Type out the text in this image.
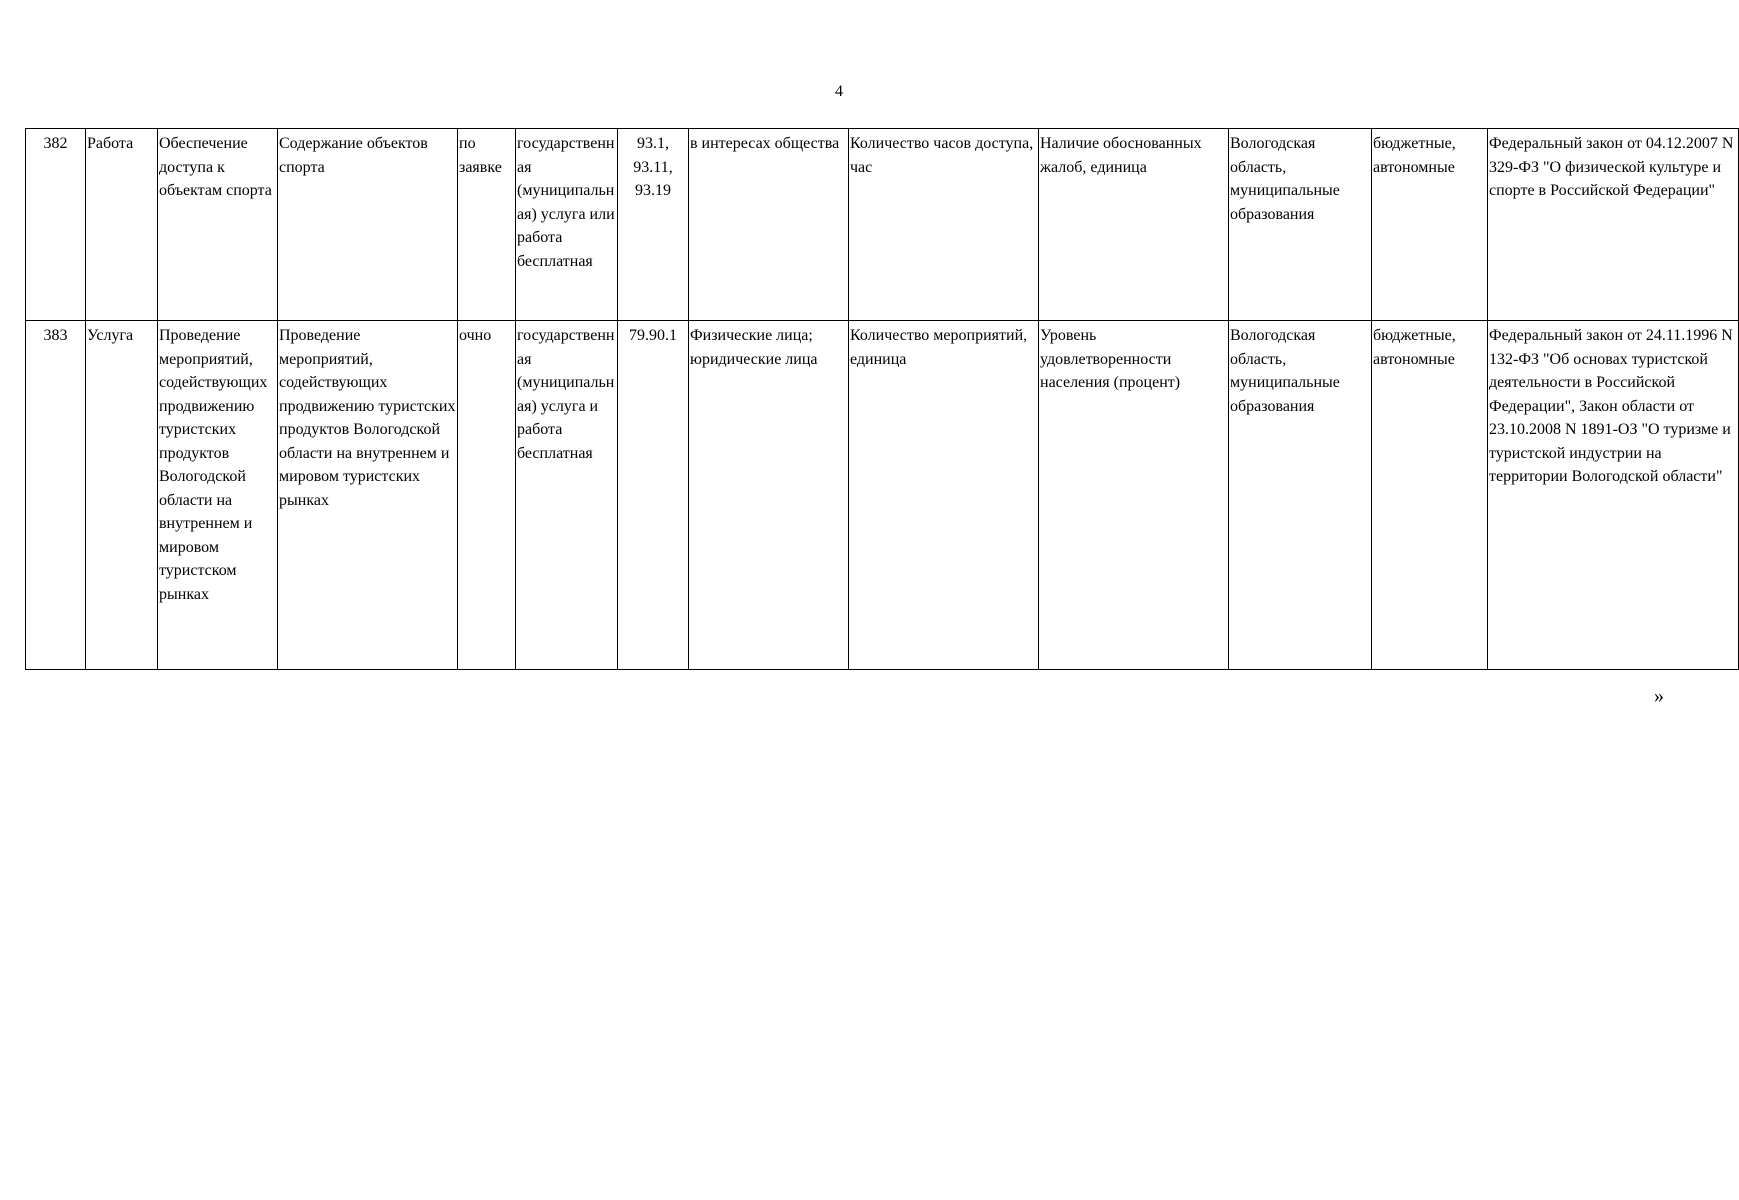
4
382	Работа	Обеспечение доступа к объектам спорта	Содержание объектов спорта	по заявке	государственная (муниципальная) услуга или работа бесплатная	93.1, 93.11, 93.19	в интересах общества	Количество часов доступа, час	Наличие обоснованных жалоб, единица	Вологодская область, муниципальные образования	бюджетные, автономные	Федеральный закон от 04.12.2007 N 329-ФЗ "О физической культуре и спорте в Российской Федерации"
383	Услуга	Проведение мероприятий, содействующих продвижению туристских продуктов Вологодской области на внутреннем и мировом туристском рынках	Проведение мероприятий, содействующих продвижению туристских продуктов Вологодской области на внутреннем и мировом туристских рынках	очно	государственная (муниципальная) услуга и работа бесплатная	79.90.1	Физические лица; юридические лица	Количество мероприятий, единица	Уровень удовлетворенности населения (процент)	Вологодская область, муниципальные образования	бюджетные, автономные	Федеральный закон от 24.11.1996 N 132-ФЗ "Об основах туристской деятельности в Российской Федерации", Закон области от 23.10.2008 N 1891-ОЗ "О туризме и туристской индустрии на территории Вологодской области"
»
